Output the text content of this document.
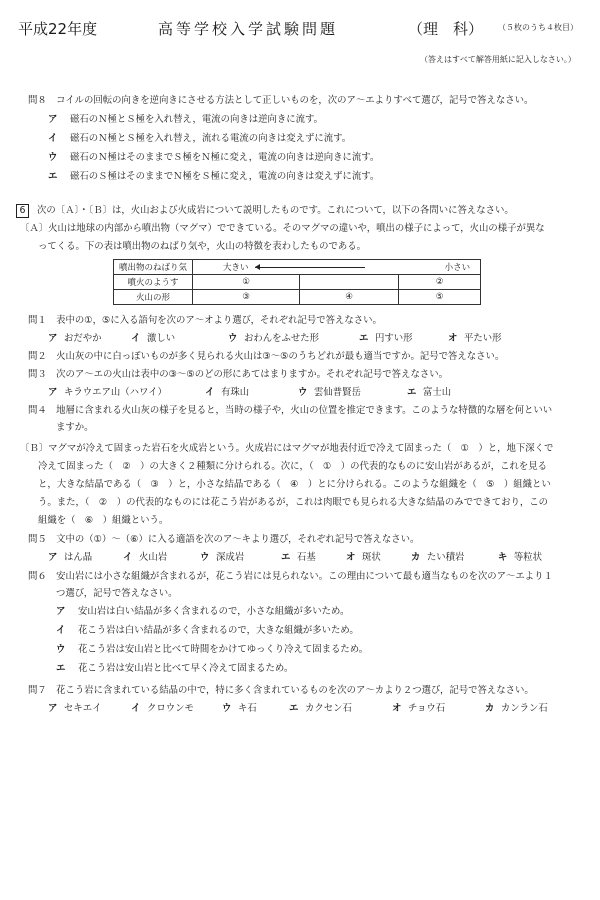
平成22年度	高等学校入学試験問題	（理　科） （５枚のうち４枚目）
（答えはすべて解答用紙に記入しなさい。）
問８　コイルの回転の向きを逆向きにさせる方法として正しいものを，次のア～エよりすべて選び，記号で答えなさい。
ア 磁石のＮ極とＳ極を入れ替え，電流の向きは逆向きに流す。
イ 磁石のＮ極とＳ極を入れ替え，流れる電流の向きは変えずに流す。
ウ 磁石のＮ極はそのままでＳ極をＮ極に変え，電流の向きは逆向きに流す。
エ 磁石のＳ極はそのままでＮ極をＳ極に変え，電流の向きは変えずに流す。
6 次の〔Ａ〕・〔Ｂ〕は，火山および火成岩について説明したものです。これについて，以下の各問いに答えなさい。
〔Ａ〕火山は地球の内部から噴出物（マグマ）でできている。そのマグマの違いや，噴出の様子によって，火山の様子が異な
ってくる。下の表は噴出物のねばり気や，火山の特徴を表わしたものである。
噴出物のねばり気	大きい 小さい		
噴火のようす	①		②
火山の形	③	④	⑤
問１　表中の①，⑤に入る語句を次のア～オより選び，それぞれ記号で答えなさい。
ア おだやか	イ 激しい	ウ おわんをふせた形	エ 円すい形	オ 平たい形
問２　火山灰の中に白っぽいものが多く見られる火山は③～⑤のうちどれが最も適当ですか。記号で答えなさい。
問３　次のア～エの火山は表中の③～⑤のどの形にあてはまりますか。それぞれ記号で答えなさい。
ア キラウエア山（ハワイ）	イ 有珠山	ウ 雲仙普賢岳	エ 富士山
問４　地層に含まれる火山灰の様子を見ると，当時の様子や，火山の位置を推定できます。このような特徴的な層を何といい
ますか。
〔Ｂ〕マグマが冷えて固まった岩石を火成岩という。火成岩にはマグマが地表付近で冷えて固まった（　①　）と，地下深くで
冷えて固まった（　②　）の大きく２種類に分けられる。次に，（　①　）の代表的なものに安山岩があるが，これを見る
と，大きな結晶である（　③　）と，小さな結晶である（　④　）とに分けられる。このような組織を（　⑤　）組織とい
う。また，（　②　）の代表的なものには花こう岩があるが，これは肉眼でも見られる大きな結晶のみでできており，この
組織を（　⑥　）組織という。
問５　文中の（①）～（⑥）に入る適語を次のア～キより選び，それぞれ記号で答えなさい。
ア はん晶	イ 火山岩	ウ 深成岩	エ 石基	オ 斑状	カ たい積岩	キ 等粒状
問６　安山岩には小さな組織が含まれるが，花こう岩には見られない。この理由について最も適当なものを次のア～エより１
つ選び，記号で答えなさい。
ア 安山岩は白い結晶が多く含まれるので，小さな組織が多いため。
イ 花こう岩は白い結晶が多く含まれるので，大きな組織が多いため。
ウ 花こう岩は安山岩と比べて時間をかけてゆっくり冷えて固まるため。
エ 花こう岩は安山岩と比べて早く冷えて固まるため。
問７　花こう岩に含まれている結晶の中で，特に多く含まれているものを次のア～カより２つ選び，記号で答えなさい。
ア セキエイ	イ クロウンモ	ウ キ石	エ カクセン石	オ チョウ石	カ カンラン石
